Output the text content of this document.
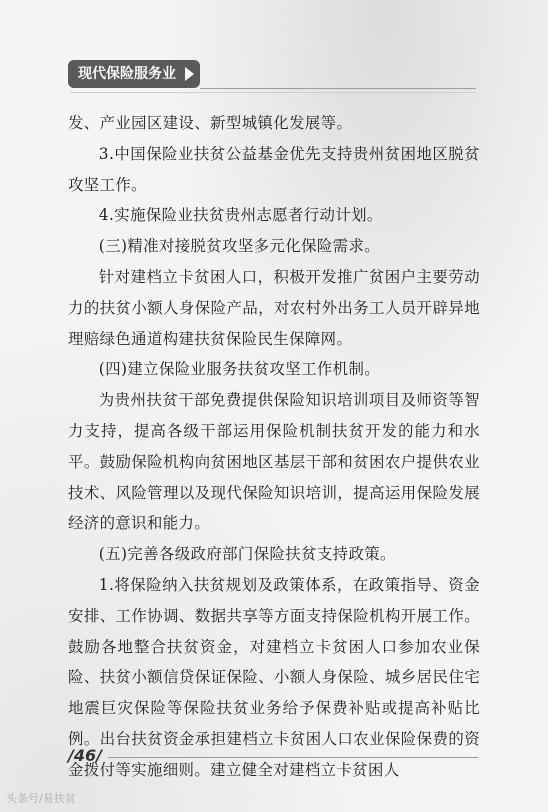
现代保险服务业

发、产业园区建设、新型城镇化发展等。

3.中国保险业扶贫公益基金优先支持贵州贫困地区脱贫攻坚工作。

4.实施保险业扶贫贵州志愿者行动计划。

(三)精准对接脱贫攻坚多元化保险需求。

针对建档立卡贫困人口，积极开发推广贫困户主要劳动力的扶贫小额人身保险产品，对农村外出务工人员开辟异地理赔绿色通道构建扶贫保险民生保障网。

(四)建立保险业服务扶贫攻坚工作机制。

为贵州扶贫干部免费提供保险知识培训项目及师资等智力支持，提高各级干部运用保险机制扶贫开发的能力和水平。鼓励保险机构向贫困地区基层干部和贫困农户提供农业技术、风险管理以及现代保险知识培训，提高运用保险发展经济的意识和能力。

(五)完善各级政府部门保险扶贫支持政策。

1.将保险纳入扶贫规划及政策体系，在政策指导、资金安排、工作协调、数据共享等方面支持保险机构开展工作。鼓励各地整合扶贫资金，对建档立卡贫困人口参加农业保险、扶贫小额信贷保证保险、小额人身保险、城乡居民住宅地震巨灾保险等保险扶贫业务给予保费补贴或提高补贴比例。出台扶贫资金承担建档立卡贫困人口农业保险保费的资金拨付等实施细则。建立健全对建档立卡贫困人

/46/
头条号/易扶贫
